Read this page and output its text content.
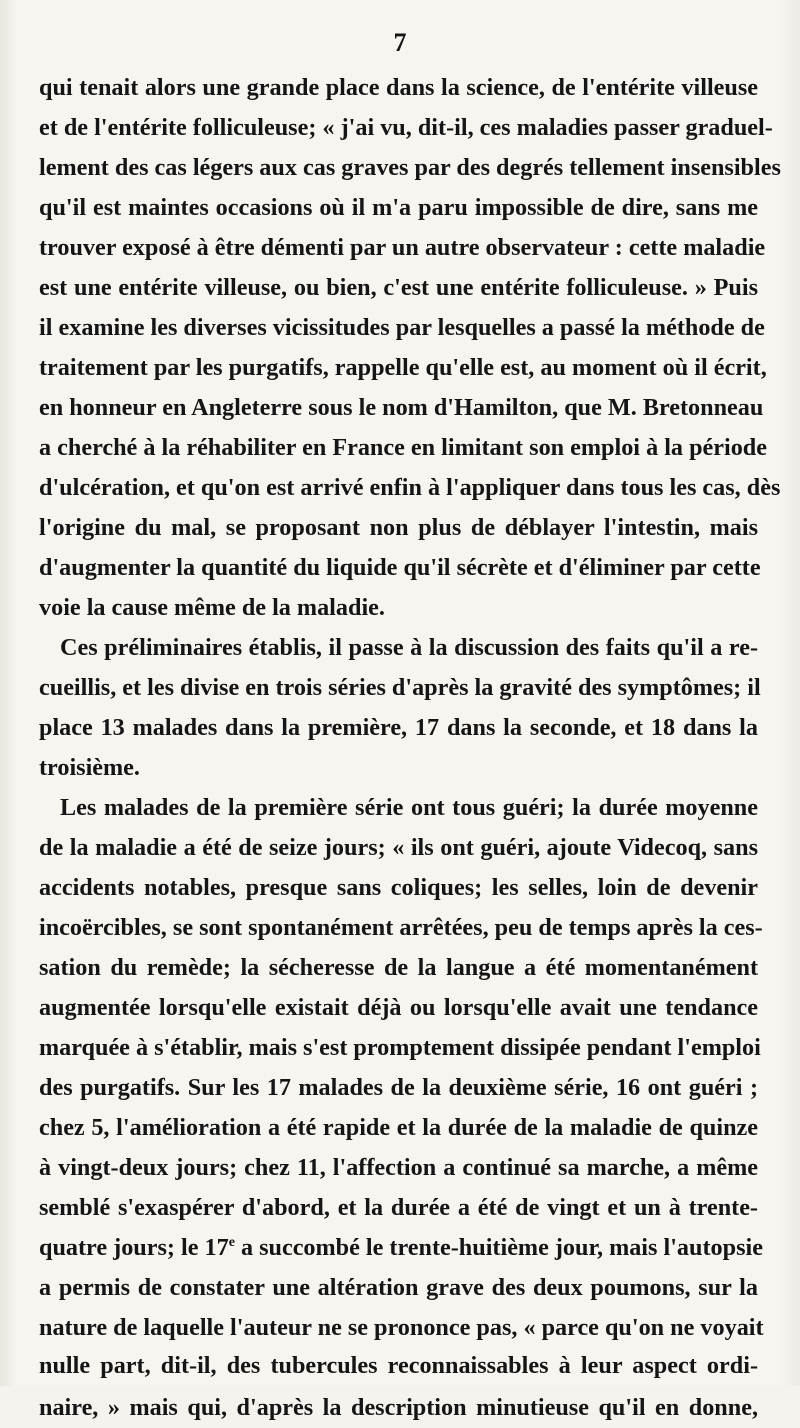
7
qui tenait alors une grande place dans la science, de l'entérite villeuse
et de l'entérite folliculeuse; « j'ai vu, dit-il, ces maladies passer graduel-
lement des cas légers aux cas graves par des degrés tellement insensibles
qu'il est maintes occasions où il m'a paru impossible de dire, sans me
trouver exposé à être démenti par un autre observateur : cette maladie
est une entérite villeuse, ou bien, c'est une entérite folliculeuse. » Puis
il examine les diverses vicissitudes par lesquelles a passé la méthode de
traitement par les purgatifs, rappelle qu'elle est, au moment où il écrit,
en honneur en Angleterre sous le nom d'Hamilton, que M. Bretonneau
a cherché à la réhabiliter en France en limitant son emploi à la période
d'ulcération, et qu'on est arrivé enfin à l'appliquer dans tous les cas, dès
l'origine du mal, se proposant non plus de déblayer l'intestin, mais
d'augmenter la quantité du liquide qu'il sécrète et d'éliminer par cette
voie la cause même de la maladie.
Ces préliminaires établis, il passe à la discussion des faits qu'il a re-
cueillis, et les divise en trois séries d'après la gravité des symptômes; il
place 13 malades dans la première, 17 dans la seconde, et 18 dans la
troisième.
Les malades de la première série ont tous guéri; la durée moyenne
de la maladie a été de seize jours; « ils ont guéri, ajoute Videcoq, sans
accidents notables, presque sans coliques; les selles, loin de devenir
incoërcibles, se sont spontanément arrêtées, peu de temps après la ces-
sation du remède; la sécheresse de la langue a été momentanément
augmentée lorsqu'elle existait déjà ou lorsqu'elle avait une tendance
marquée à s'établir, mais s'est promptement dissipée pendant l'emploi
des purgatifs. Sur les 17 malades de la deuxième série, 16 ont guéri ;
chez 5, l'amélioration a été rapide et la durée de la maladie de quinze
à vingt-deux jours; chez 11, l'affection a continué sa marche, a même
semblé s'exaspérer d'abord, et la durée a été de vingt et un à trente-
quatre jours; le 17e a succombé le trente-huitième jour, mais l'autopsie
a permis de constater une altération grave des deux poumons, sur la
nature de laquelle l'auteur ne se prononce pas, « parce qu'on ne voyait
nulle part, dit-il, des tubercules reconnaissables à leur aspect ordi-
naire, » mais qui, d'après la description minutieuse qu'il en donne,
